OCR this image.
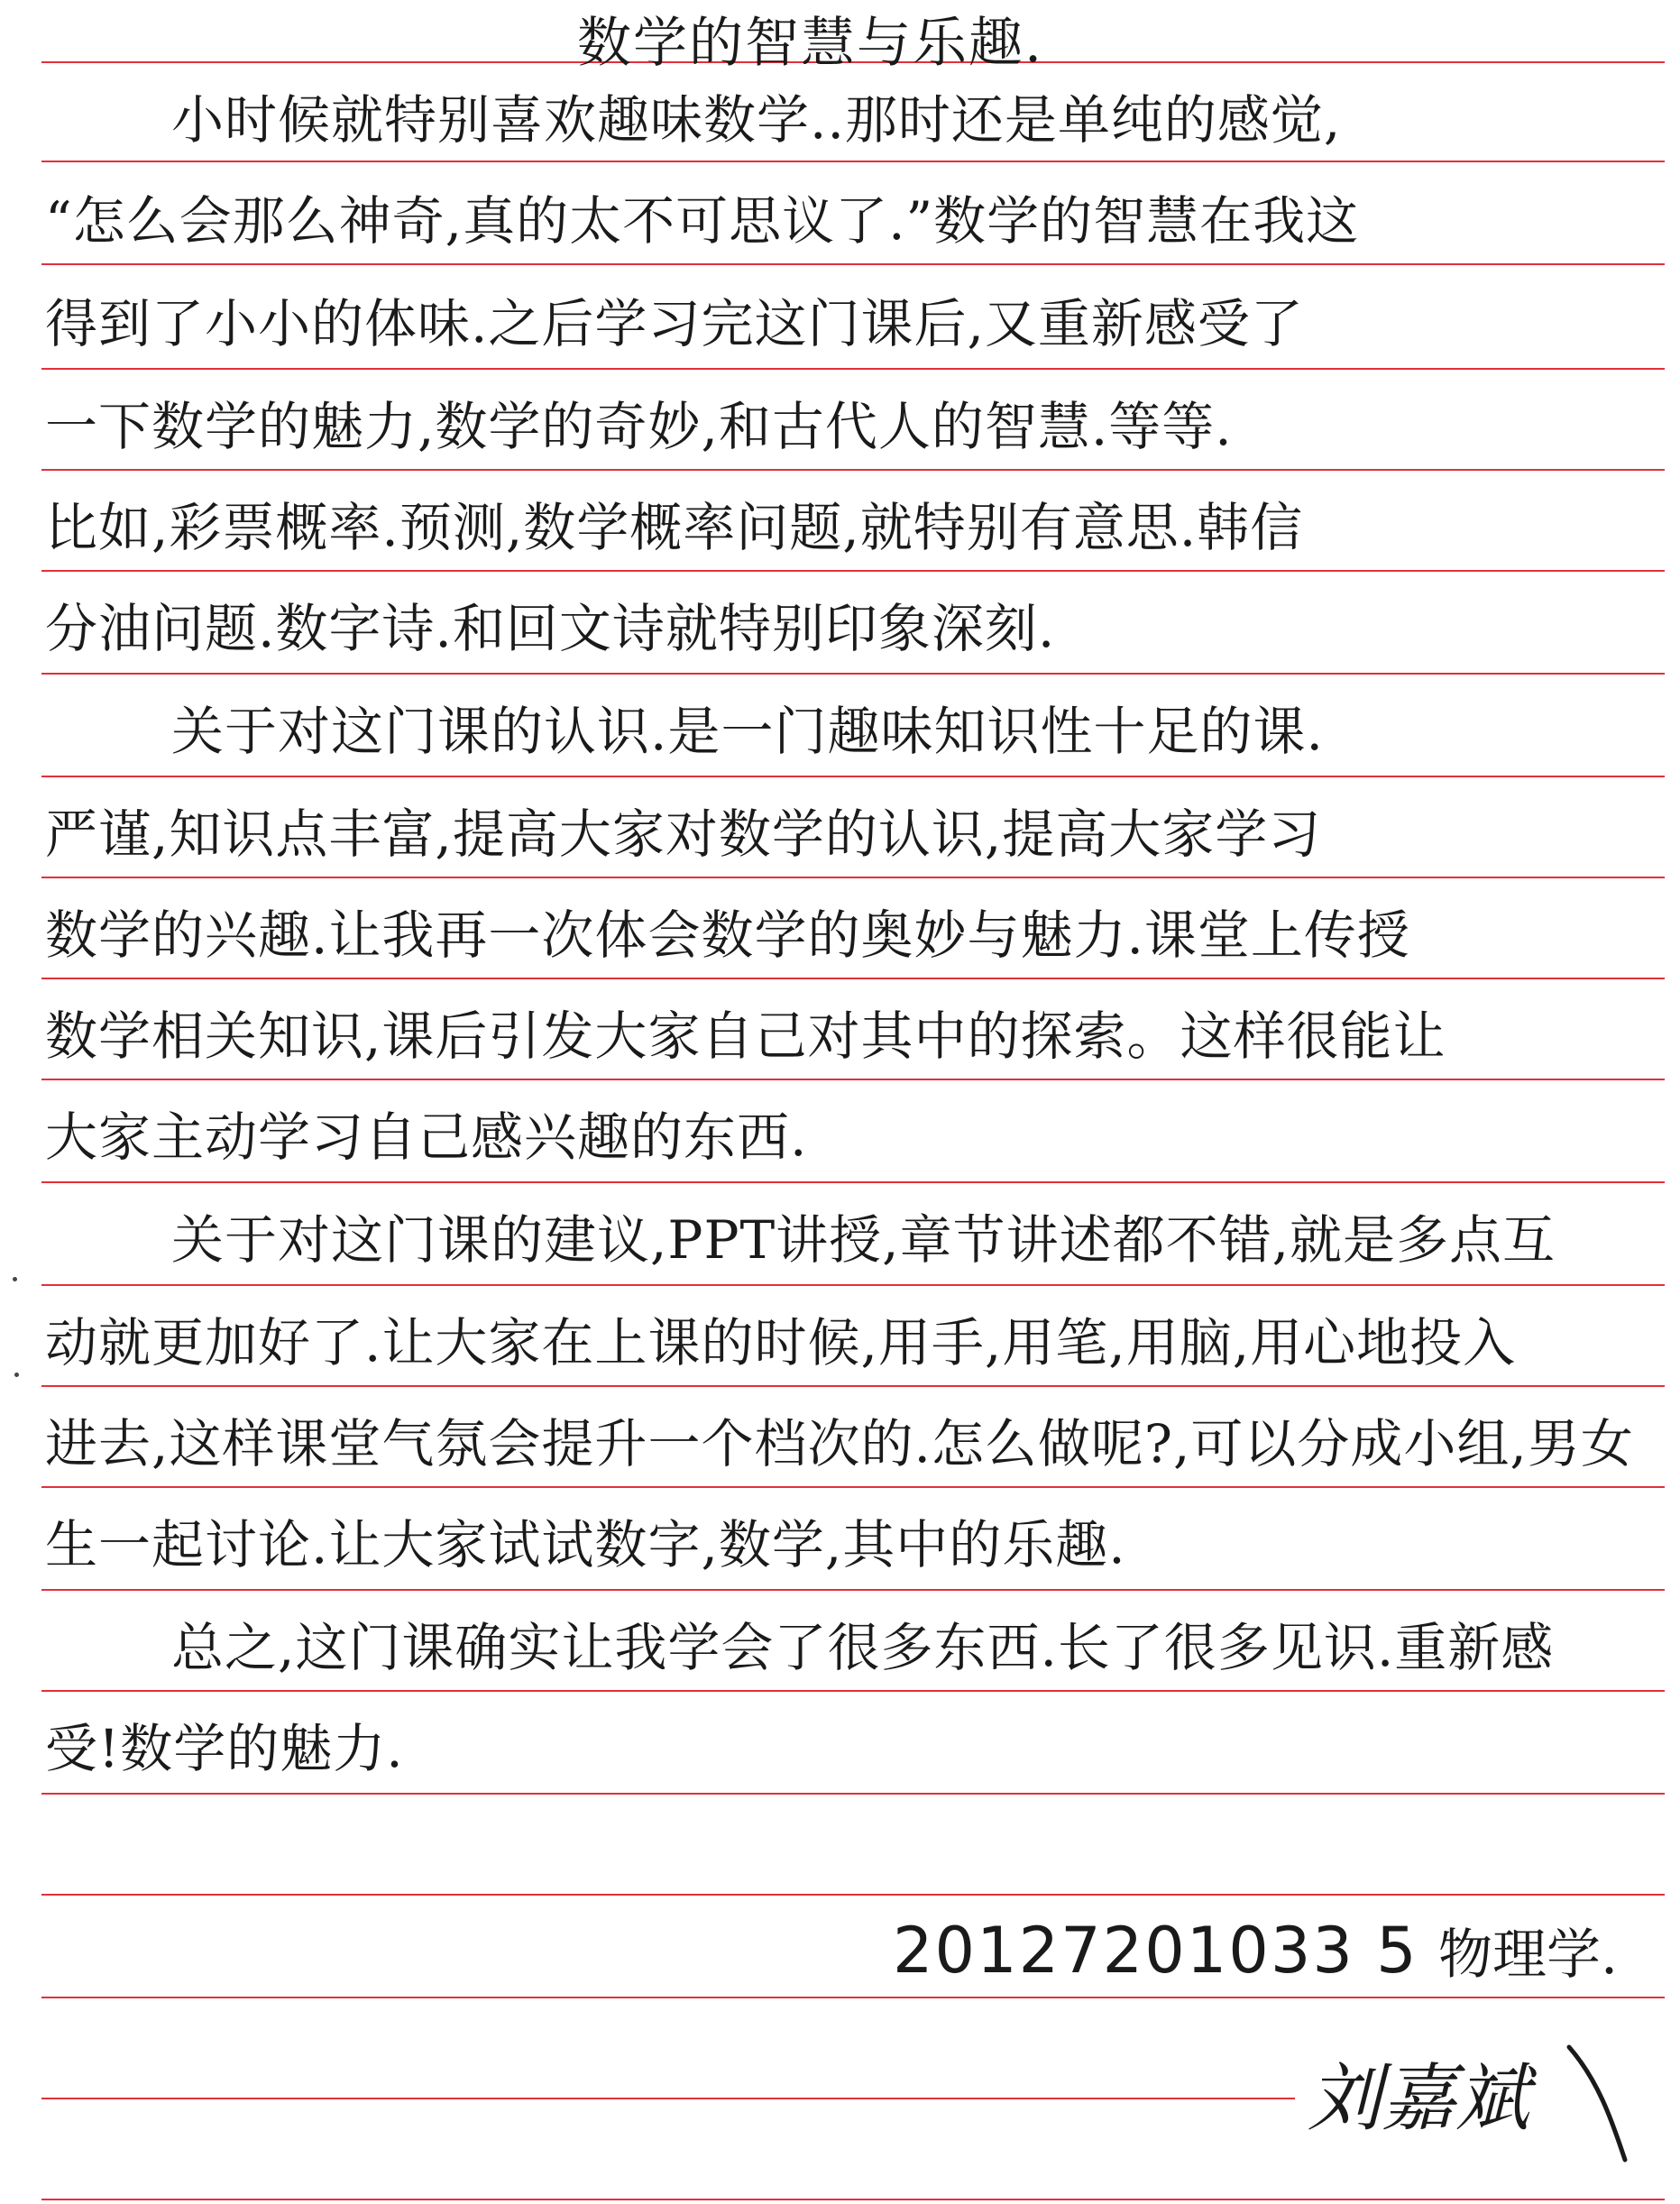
数学的智慧与乐趣.
小时候就特别喜欢趣味数学..那时还是单纯的感觉,
“怎么会那么神奇,真的太不可思议了.”数学的智慧在我这
得到了小小的体味.之后学习完这门课后,又重新感受了
一下数学的魅力,数学的奇妙,和古代人的智慧.等等.
比如,彩票概率.预测,数学概率问题,就特别有意思.韩信
分油问题.数字诗.和回文诗就特别印象深刻.
关于对这门课的认识.是一门趣味知识性十足的课.
严谨,知识点丰富,提高大家对数学的认识,提高大家学习
数学的兴趣.让我再一次体会数学的奥妙与魅力.课堂上传授
数学相关知识,课后引发大家自己对其中的探索。这样很能让
大家主动学习自己感兴趣的东西.
关于对这门课的建议,PPT讲授,章节讲述都不错,就是多点互
动就更加好了.让大家在上课的时候,用手,用笔,用脑,用心地投入
进去,这样课堂气氛会提升一个档次的.怎么做呢?,可以分成小组,男女
生一起讨论.让大家试试数字,数学,其中的乐趣.
总之,这门课确实让我学会了很多东西.长了很多见识.重新感
受!数学的魅力.
20127201033 5 物理学.
刘嘉斌
